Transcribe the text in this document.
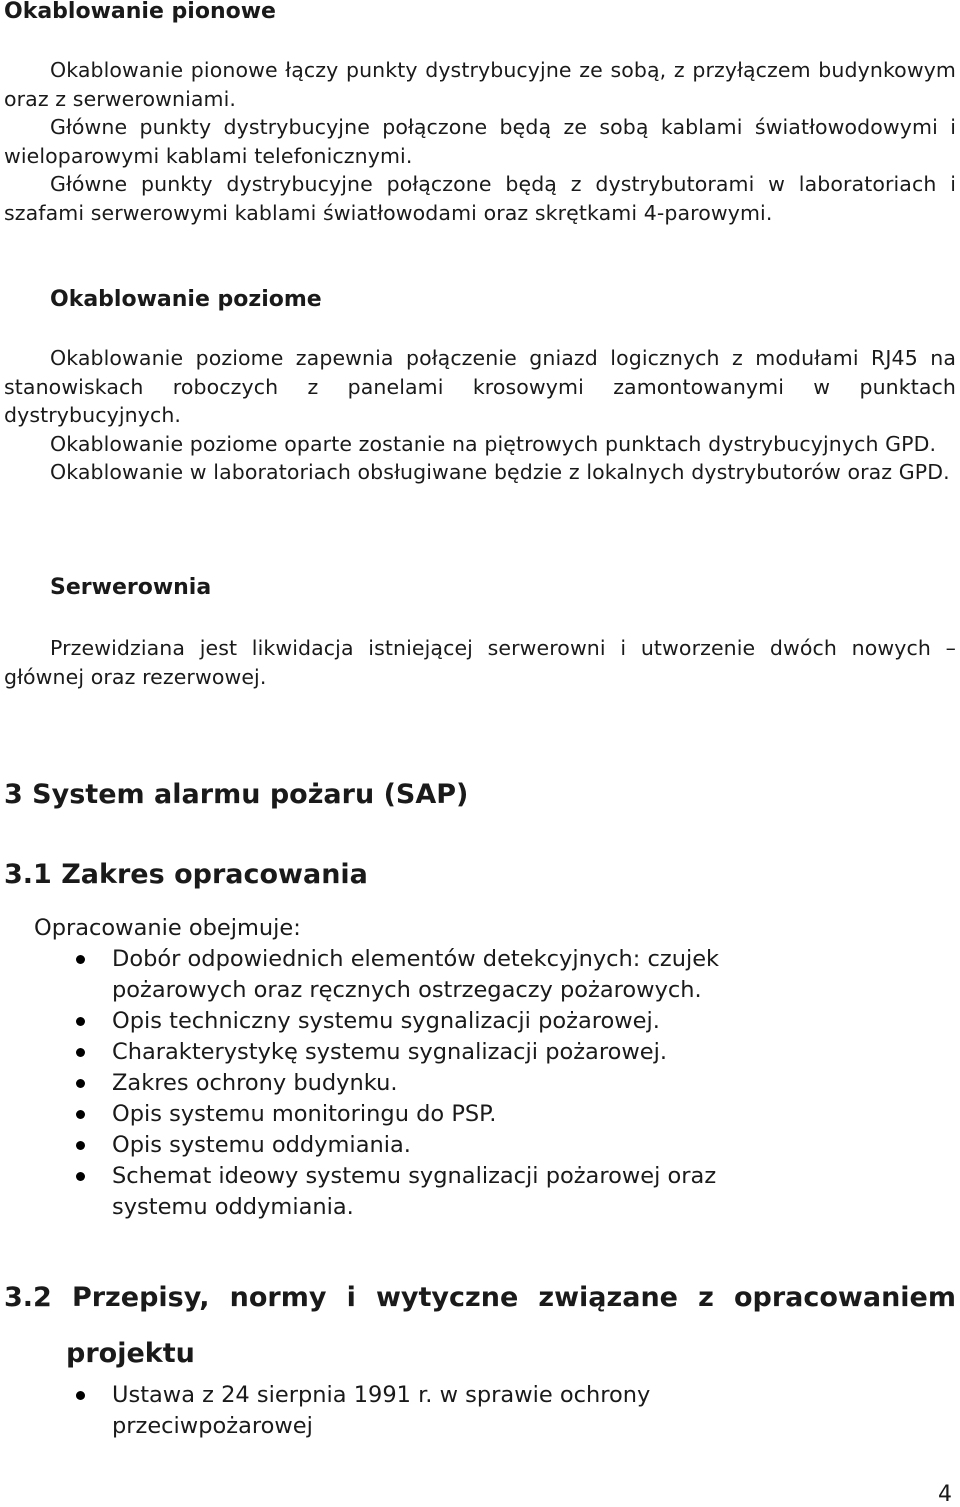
Okablowanie pionowe
Okablowanie pionowe łączy punkty dystrybucyjne ze sobą, z przyłączem budynkowym oraz z serwerowniami.
Główne punkty dystrybucyjne połączone będą ze sobą kablami światłowodowymi i wieloparowymi kablami telefonicznymi.
Główne punkty dystrybucyjne połączone będą z dystrybutorami w laboratoriach i szafami serwerowymi kablami światłowodami oraz skrętkami 4-parowymi.
Okablowanie poziome
Okablowanie poziome zapewnia połączenie gniazd logicznych z modułami RJ45 na stanowiskach roboczych z panelami krosowymi zamontowanymi w punktach dystrybucyjnych.
Okablowanie poziome oparte zostanie na piętrowych punktach dystrybucyjnych GPD.
Okablowanie w laboratoriach obsługiwane będzie z lokalnych dystrybutorów oraz GPD.
Serwerownia
Przewidziana jest likwidacja istniejącej serwerowni i utworzenie dwóch nowych – głównej oraz rezerwowej.
3 System alarmu pożaru (SAP)
3.1 Zakres opracowania
Opracowanie obejmuje:
Dobór odpowiednich elementów detekcyjnych: czujek pożarowych oraz ręcznych ostrzegaczy pożarowych.
Opis techniczny systemu sygnalizacji pożarowej.
Charakterystykę systemu sygnalizacji pożarowej.
Zakres ochrony budynku.
Opis systemu monitoringu do PSP.
Opis systemu oddymiania.
Schemat ideowy systemu sygnalizacji pożarowej oraz systemu oddymiania.
3.2 Przepisy, normy i wytyczne związane z opracowaniem projektu
Ustawa z 24 sierpnia 1991 r. w sprawie ochrony przeciwpożarowej
4
